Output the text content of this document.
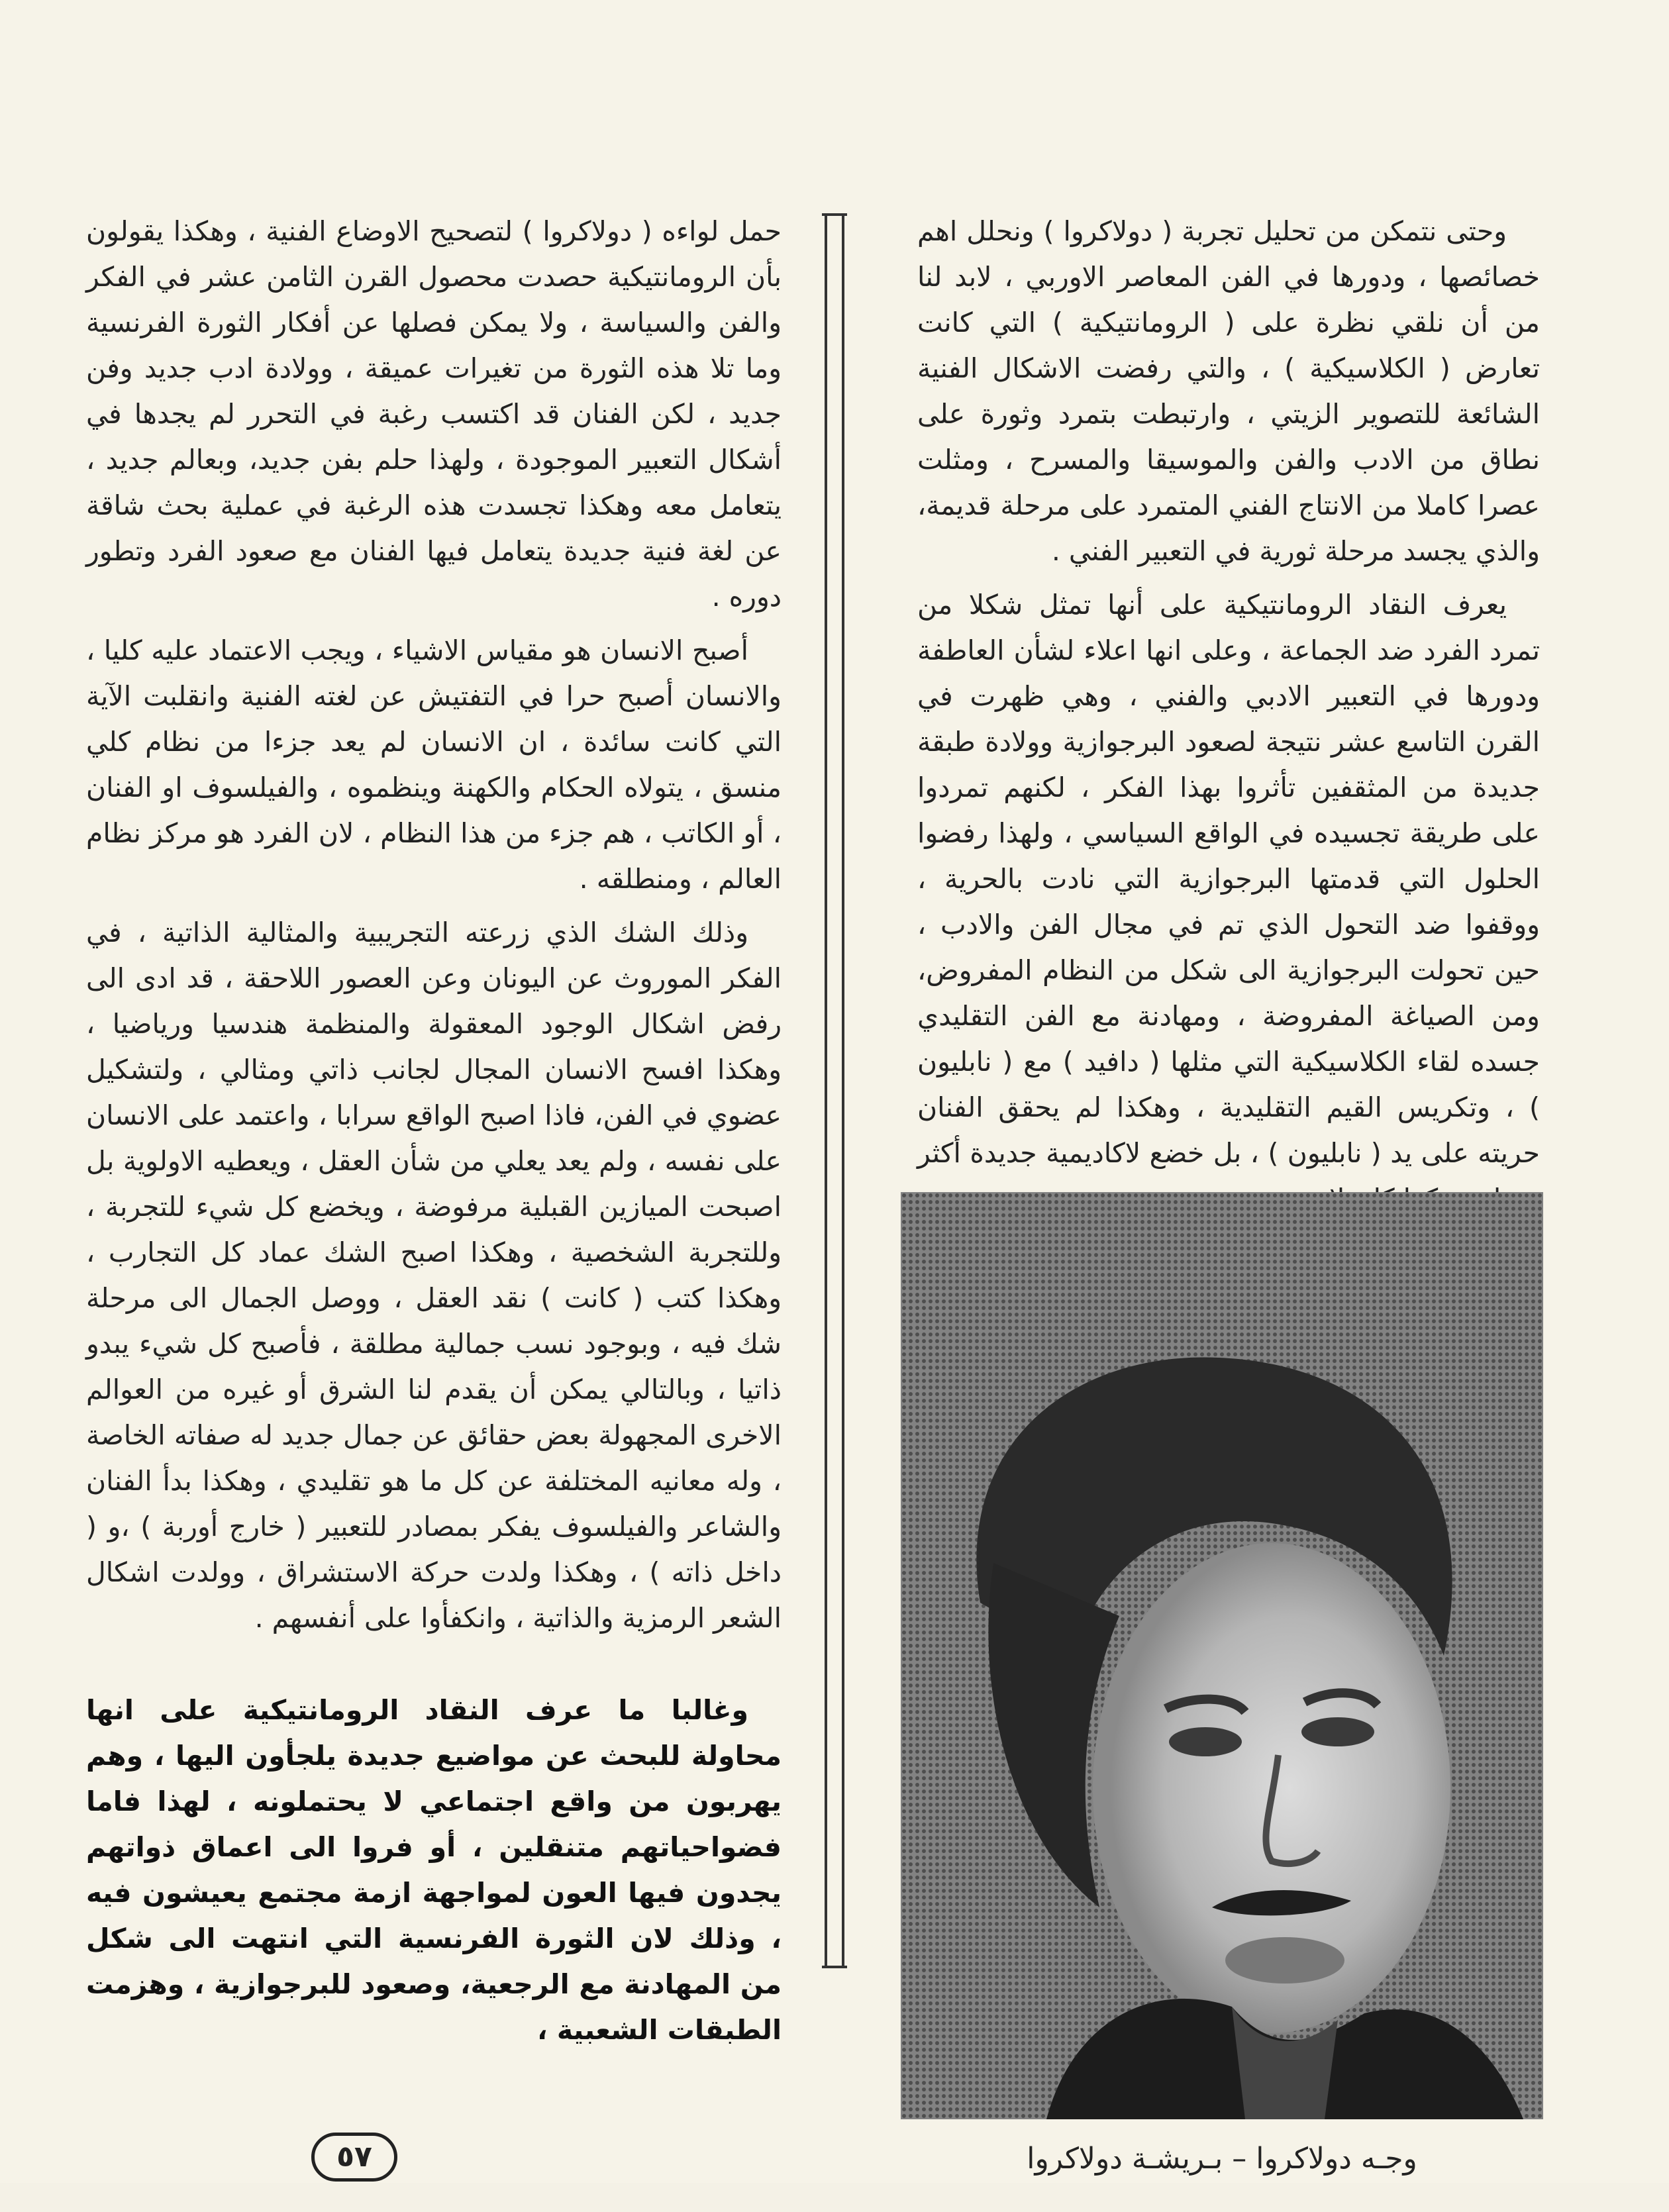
وحتى نتمكن من تحليل تجربة ( دولاكروا ) ونحلل اهم خصائصها ، ودورها في الفن المعاصر الاوربي ، لابد لنا من أن نلقي نظرة على ( الرومانتيكية ) التي كانت تعارض ( الكلاسيكية ) ، والتي رفضت الاشكال الفنية الشائعة للتصوير الزيتي ، وارتبطت بتمرد وثورة على نطاق من الادب والفن والموسيقا والمسرح ، ومثلت عصرا كاملا من الانتاج الفني المتمرد على مرحلة قديمة، والذي يجسد مرحلة ثورية في التعبير الفني .

يعرف النقاد الرومانتيكية على أنها تمثل شكلا من تمرد الفرد ضد الجماعة ، وعلى انها اعلاء لشأن العاطفة ودورها في التعبير الادبي والفني ، وهي ظهرت في القرن التاسع عشر نتيجة لصعود البرجوازية وولادة طبقة جديدة من المثقفين تأثروا بهذا الفكر ، لكنهم تمردوا على طريقة تجسيده في الواقع السياسي ، ولهذا رفضوا الحلول التي قدمتها البرجوازية التي نادت بالحرية ، ووقفوا ضد التحول الذي تم في مجال الفن والادب ، حين تحولت البرجوازية الى شكل من النظام المفروض، ومن الصياغة المفروضة ، ومهادنة مع الفن التقليدي جسده لقاء الكلاسيكية التي مثلها ( دافيد ) مع ( نابليون ) ، وتكريس القيم التقليدية ، وهكذا لم يحقق الفنان حريته على يد ( نابليون ) ، بل خضع لاكاديمية جديدة أكثر

حمل لواءه ( دولاكروا ) لتصحيح الاوضاع الفنية ، وهكذا يقولون بأن الرومانتيكية حصدت محصول القرن الثامن عشر في الفكر والفن والسياسة ، ولا يمكن فصلها عن أفكار الثورة الفرنسية وما تلا هذه الثورة من تغيرات عميقة ، وولادة ادب جديد وفن جديد ، لكن الفنان قد اكتسب رغبة في التحرر لم يجدها في أشكال التعبير الموجودة ، ولهذا حلم بفن جديد، وبعالم جديد ، يتعامل معه وهكذا تجسدت هذه الرغبة في عملية بحث شاقة عن لغة فنية جديدة يتعامل فيها الفنان مع صعود الفرد وتطور دوره .

أصبح الانسان هو مقياس الاشياء ، ويجب الاعتماد عليه كليا ، والانسان أصبح حرا في التفتيش عن لغته الفنية وانقلبت الآية التي كانت سائدة ، ان الانسان لم يعد جزءا من نظام كلي منسق ، يتولاه الحكام والكهنة وينظموه ، والفيلسوف او الفنان ، أو الكاتب ، هم جزء من هذا النظام ، لان الفرد هو مركز نظام العالم ، ومنطلقه .

وذلك الشك الذي زرعته التجريبية والمثالية الذاتية ، في الفكر الموروث عن اليونان وعن العصور اللاحقة ، قد ادى الى رفض اشكال الوجود المعقولة والمنظمة هندسيا ورياضيا ، وهكذا افسح الانسان المجال لجانب ذاتي ومثالي ، ولتشكيل عضوي في الفن، فاذا اصبح الواقع سرابا ، واعتمد على الانسان على نفسه ، ولم يعد يعلي من شأن العقل ، ويعطيه الاولوية بل اصبحت الميازين القبلية مرفوضة ، ويخضع كل شيء للتجربة ، وللتجربة الشخصية ، وهكذا اصبح الشك عماد كل التجارب ، وهكذا كتب ( كانت ) نقد العقل ، ووصل الجمال الى مرحلة شك فيه ، وبوجود نسب جمالية مطلقة ، فأصبح كل شيء يبدو ذاتيا ، وبالتالي يمكن أن يقدم لنا الشرق أو غيره من العوالم الاخرى المجهولة بعض حقائق عن جمال جديد له صفاته الخاصة ، وله معانيه المختلفة عن كل ما هو تقليدي ، وهكذا بدأ الفنان والشاعر والفيلسوف يفكر بمصادر للتعبير ( خارج أوربة ) ،و ( داخل ذاته ) ، وهكذا ولدت حركة الاستشراق ، وولدت اشكال الشعر الرمزية والذاتية ، وانكفأوا على أنفسهم .

وغالبا ما عرف النقاد الرومانتيكية على انها محاولة للبحث عن مواضيع جديدة يلجأون اليها ، وهم يهربون من واقع اجتماعي لا يحتملونه ، لهذا فاما فضواحياتهم متنقلين ، أو فروا الى اعماق ذواتهم يجدون فيها العون لمواجهة ازمة مجتمع يعيشون فيه ، وذلك لان الثورة الفرنسية التي انتهت الى شكل من المهادنة مع الرجعية، وصعود للبرجوازية ، وهزمت الطبقات الشعبية ،

وجـه دولاكروا – بـريشـة دولاكروا
٥٧
